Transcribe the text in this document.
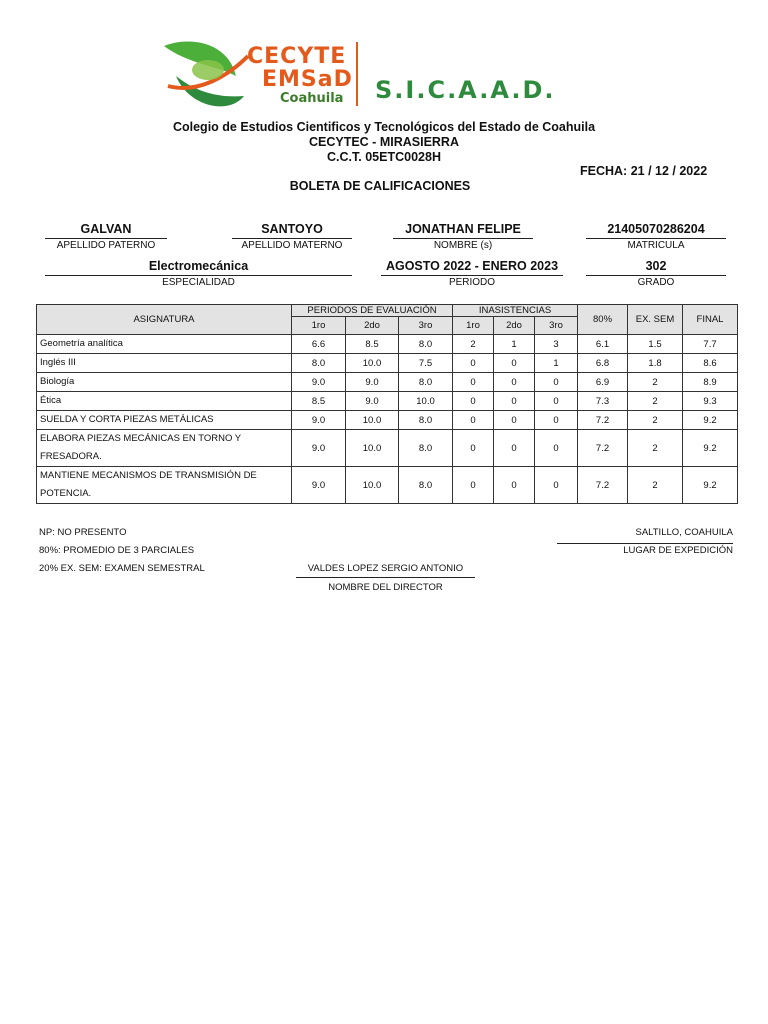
CECYTE
EMSaD
Coahuila S.I.C.A.A.D.
Colegio de Estudios Cientificos y Tecnológicos del Estado de Coahuila
CECYTEC - MIRASIERRA
C.C.T. 05ETC0028H
FECHA: 21 / 12 / 2022
BOLETA DE CALIFICACIONES
GALVAN
APELLIDO PATERNO
SANTOYO
APELLIDO MATERNO
JONATHAN FELIPE
NOMBRE (s)
21405070286204
MATRICULA
Electromecánica
ESPECIALIDAD
AGOSTO 2022 - ENERO 2023
PERIODO
302
GRADO
ASIGNATURA	PERIODOS DE EVALUACIÓN			INASISTENCIAS			80%	EX. SEM	FINAL
	1ro	2do	3ro	1ro	2do	3ro			
Geometría analítica	6.6	8.5	8.0	2	1	3	6.1	1.5	7.7
Inglés III	8.0	10.0	7.5	0	0	1	6.8	1.8	8.6
Biología	9.0	9.0	8.0	0	0	0	6.9	2	8.9
Ética	8.5	9.0	10.0	0	0	0	7.3	2	9.3
SUELDA Y CORTA PIEZAS METÁLICAS	9.0	10.0	8.0	0	0	0	7.2	2	9.2
ELABORA PIEZAS MECÁNICAS EN TORNO Y FRESADORA.	9.0	10.0	8.0	0	0	0	7.2	2	9.2
MANTIENE MECANISMOS DE TRANSMISIÓN DE POTENCIA.	9.0	10.0	8.0	0	0	0	7.2	2	9.2
NP: NO PRESENTO
80%: PROMEDIO DE 3 PARCIALES
20% EX. SEM: EXAMEN SEMESTRAL	VALDES LOPEZ SERGIO ANTONIO
NOMBRE DEL DIRECTOR
SALTILLO, COAHUILA
LUGAR DE EXPEDICIÓN
